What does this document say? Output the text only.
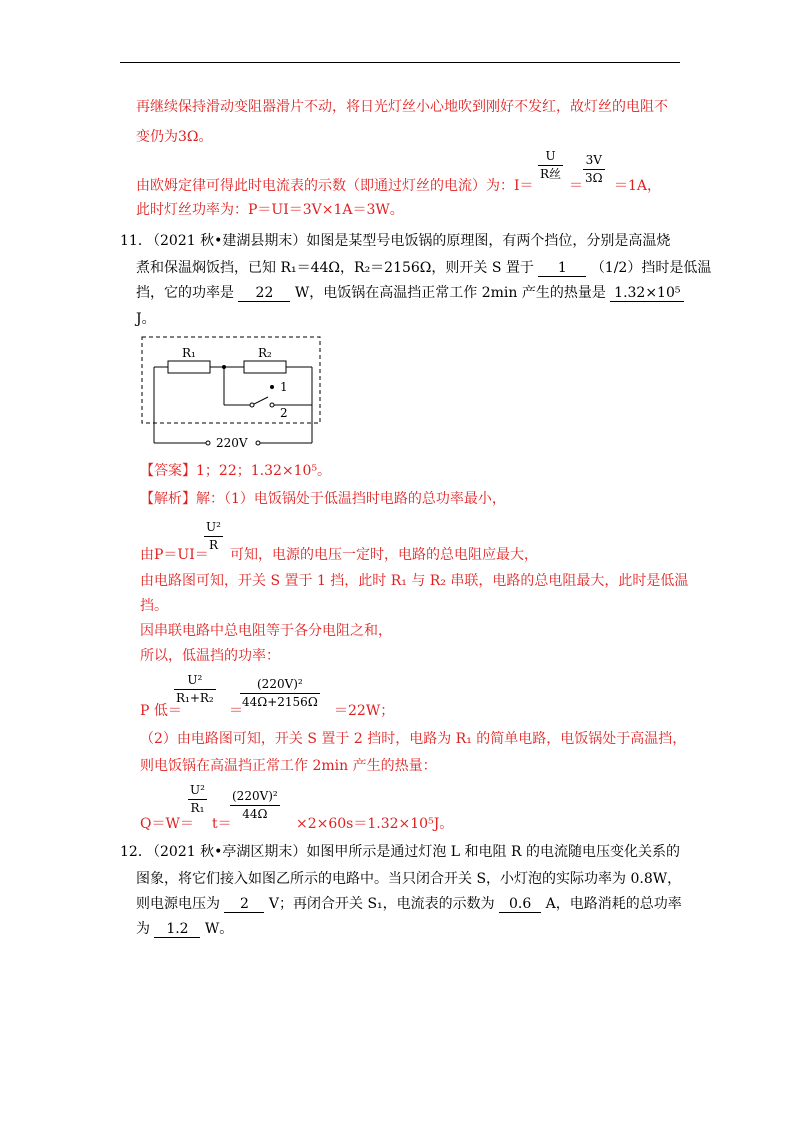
再继续保持滑动变阻器滑片不动，将日光灯丝小心地吹到刚好不发红，故灯丝的电阻不
变仍为3Ω。
由欧姆定律可得此时电流表的示数（即通过灯丝的电流）为：I＝
U
R丝
＝ $\frac{3V}{3\Omega} =1A$，
此时灯丝功率为：P＝UI＝3V×1A＝3W。
11．
（2021 秋•建湖县期末）如图是某型号电饭锅的原理图，有两个挡位，分别是高温烧
煮和保温焖饭挡，已知 R₁＝44Ω，R₂＝2156Ω，则开关 S 置于 1 （1/2）挡时是低温
挡，它的功率是 22 W，电饭锅在高温挡正常工作 2min 产生的热量是 1.32×10⁵
J。
R₁	R₂
1
2
220V
【答案】1；22；1.32×10⁵。
【解析】解：（1）电饭锅处于低温挡时电路的总功率最小，
由P＝UI＝
$\frac{\text{U²}}{R}$
可知，电源的电压一定时，电路的总电阻应最大，
由电路图可知，开关 S 置于 1 挡，此时 R₁ 与 R₂ 串联，电路的总电阻最大，此时是低温
挡。
因串联电路中总电阻等于各分电阻之和，
所以，低温挡的功率：
P 低＝
$\frac{\text{U²}}{\text{R₁+R₂}}$
＝
$\frac{\text{(220V)²}}{44\Omega+2156\Omega} =22W$；
（2）由电路图可知，开关 S 置于 2 挡时，电路为 R₁ 的简单电路，电饭锅处于高温挡，
则电饭锅在高温挡正常工作 2min 产生的热量：
Q＝W＝
$\frac{\text{U²}}{\text{R₁}}$
t＝
$\frac{\text{(220V)²}}{44\Omega}$
×2×60s＝1.32×10⁵J。
12．
（2021 秋•亭湖区期末）如图甲所示是通过灯泡 L 和电阻 R 的电流随电压变化关系的
图象，将它们接入如图乙所示的电路中。当只闭合开关 S，小灯泡的实际功率为 0.8W，
则电源电压为 2 V；再闭合开关 S₁，电流表的示数为 0.6 A，电路消耗的总功率
为 1.2 W。
